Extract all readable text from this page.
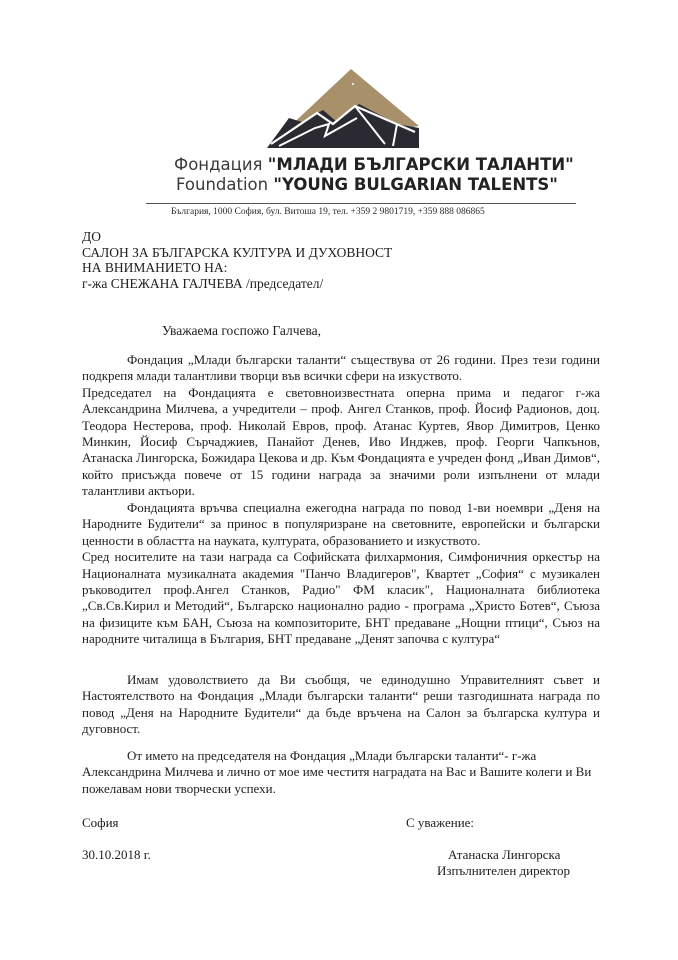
Фондация "МЛАДИ БЪЛГАРСКИ ТАЛАНТИ"
Foundation "YOUNG BULGARIAN TALENTS"
България, 1000 София, бул. Витоша 19, тел. +359 2 9801719, +359 888 086865
ДО
САЛОН ЗА БЪЛГАРСКА КУЛТУРА И ДУХОВНОСТ
НА ВНИМАНИЕТО НА:
г-жа СНЕЖАНА ГАЛЧЕВА /председател/
Уважаема госпожо Галчева,

Фондация „Млади български таланти“ съществува от 26 години. През тези години подкрепя млади талантливи творци във всички сфери на изкуството.

Председател на Фондацията е световноизвестната оперна прима и педагог г-жа Александрина Милчева, а учредители – проф. Ангел Станков, проф. Йосиф Радионов, доц. Теодора Нестерова, проф. Николай Евров, проф. Атанас Куртев, Явор Димитров, Ценко Минкин, Йосиф Сърчаджиев, Панайот Денев, Иво Инджев, проф. Георги Чапкънов, Атанаска Лингорска, Божидара Цекова и др. Към Фондацията е учреден фонд „Иван Димов“, който присъжда повече от 15 години награда за значими роли изпълнени от млади талантливи актьори.

Фондацията връчва специална ежегодна награда по повод 1-ви ноември „Деня на Народните Будители“ за принос в популяризране на световните, европейски и български ценности в областта на науката, културата, образованието и изкуството.

Сред носителите на тази награда са Софийската филхармония, Симфоничния оркестър на Националната музикалната академия "Панчо Владигеров", Квартет „София“ с музикален ръководител проф.Ангел Станков, Радио" ФМ класик", Националната библиотека „Св.Св.Кирил и Методий“, Българско национално радио - програма „Христо Ботев“, Съюза на физиците към БАН, Съюза на композиторите, БНТ предаване „Нощни птици“, Съюз на народните читалища в България, БНТ предаване „Денят започва с култура“

Имам удоволствието да Ви съобщя, че единодушно Управителният съвет и Настоятелството на Фондация „Млади български таланти“ реши тазгодишната награда по повод „Деня на Народните Будители“ да бъде връчена на Салон за българска култура и дуговност.

От името на председателя на Фондация „Млади български таланти“- г-жа Александрина Милчева и лично от мое име честитя наградата на Вас и Вашите колеги и Ви пожелавам нови творчески успехи.

София	С уважение:
30.10.2018 г.	Атанаска Лингорска
Изпълнителен директор
